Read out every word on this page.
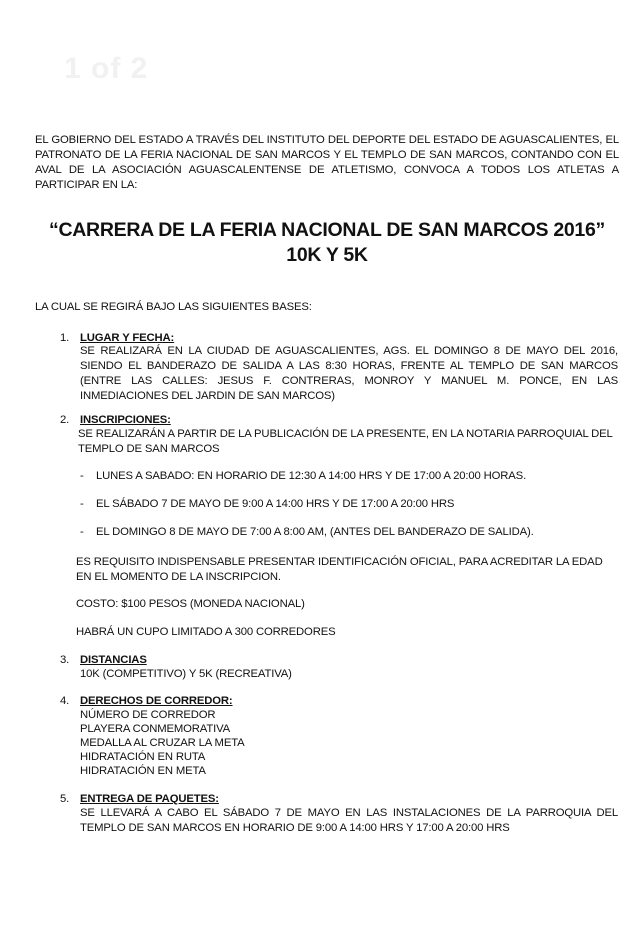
1 of 2
EL GOBIERNO DEL ESTADO A TRAVÉS DEL INSTITUTO DEL DEPORTE DEL ESTADO DE AGUASCALIENTES, EL PATRONATO DE LA FERIA NACIONAL DE SAN MARCOS Y EL TEMPLO DE SAN MARCOS, CONTANDO CON EL AVAL DE LA ASOCIACIÓN AGUASCALENTENSE DE ATLETISMO, CONVOCA A TODOS LOS ATLETAS A PARTICIPAR EN LA:
“CARRERA DE LA FERIA NACIONAL DE SAN MARCOS 2016”
10K Y 5K
LA CUAL SE REGIRÁ BAJO LAS SIGUIENTES BASES:
1. LUGAR Y FECHA:
SE REALIZARÁ EN LA CIUDAD DE AGUASCALIENTES, AGS. EL DOMINGO 8 DE MAYO DEL 2016, SIENDO EL BANDERAZO DE SALIDA A LAS 8:30 HORAS, FRENTE AL TEMPLO DE SAN MARCOS (ENTRE LAS CALLES: JESUS F. CONTRERAS, MONROY Y MANUEL M. PONCE, EN LAS INMEDIACIONES DEL JARDIN DE SAN MARCOS)
2. INSCRIPCIONES:
SE REALIZARÁN A PARTIR DE LA PUBLICACIÓN DE LA PRESENTE, EN LA NOTARIA PARROQUIAL DEL TEMPLO DE SAN MARCOS
- LUNES A SABADO: EN HORARIO DE 12:30 A 14:00 HRS Y DE 17:00 A 20:00 HORAS.
- EL SÁBADO 7 DE MAYO DE 9:00 A 14:00 HRS Y DE 17:00 A 20:00 HRS
- EL DOMINGO 8 DE MAYO DE 7:00 A 8:00 AM, (ANTES DEL BANDERAZO DE SALIDA).
ES REQUISITO INDISPENSABLE PRESENTAR IDENTIFICACIÓN OFICIAL, PARA ACREDITAR LA EDAD EN EL MOMENTO DE LA INSCRIPCION.
COSTO: $100 PESOS (MONEDA NACIONAL)
HABRÁ UN CUPO LIMITADO A 300 CORREDORES
3. DISTANCIAS
10K (COMPETITIVO) Y 5K (RECREATIVA)
4. DERECHOS DE CORREDOR:
NÚMERO DE CORREDOR
PLAYERA CONMEMORATIVA
MEDALLA AL CRUZAR LA META
HIDRATACIÓN EN RUTA
HIDRATACIÓN EN META
5. ENTREGA DE PAQUETES:
SE LLEVARÁ A CABO EL SÁBADO 7 DE MAYO EN LAS INSTALACIONES DE LA PARROQUIA DEL TEMPLO DE SAN MARCOS EN HORARIO DE 9:00 A 14:00 HRS Y 17:00 A 20:00 HRS
